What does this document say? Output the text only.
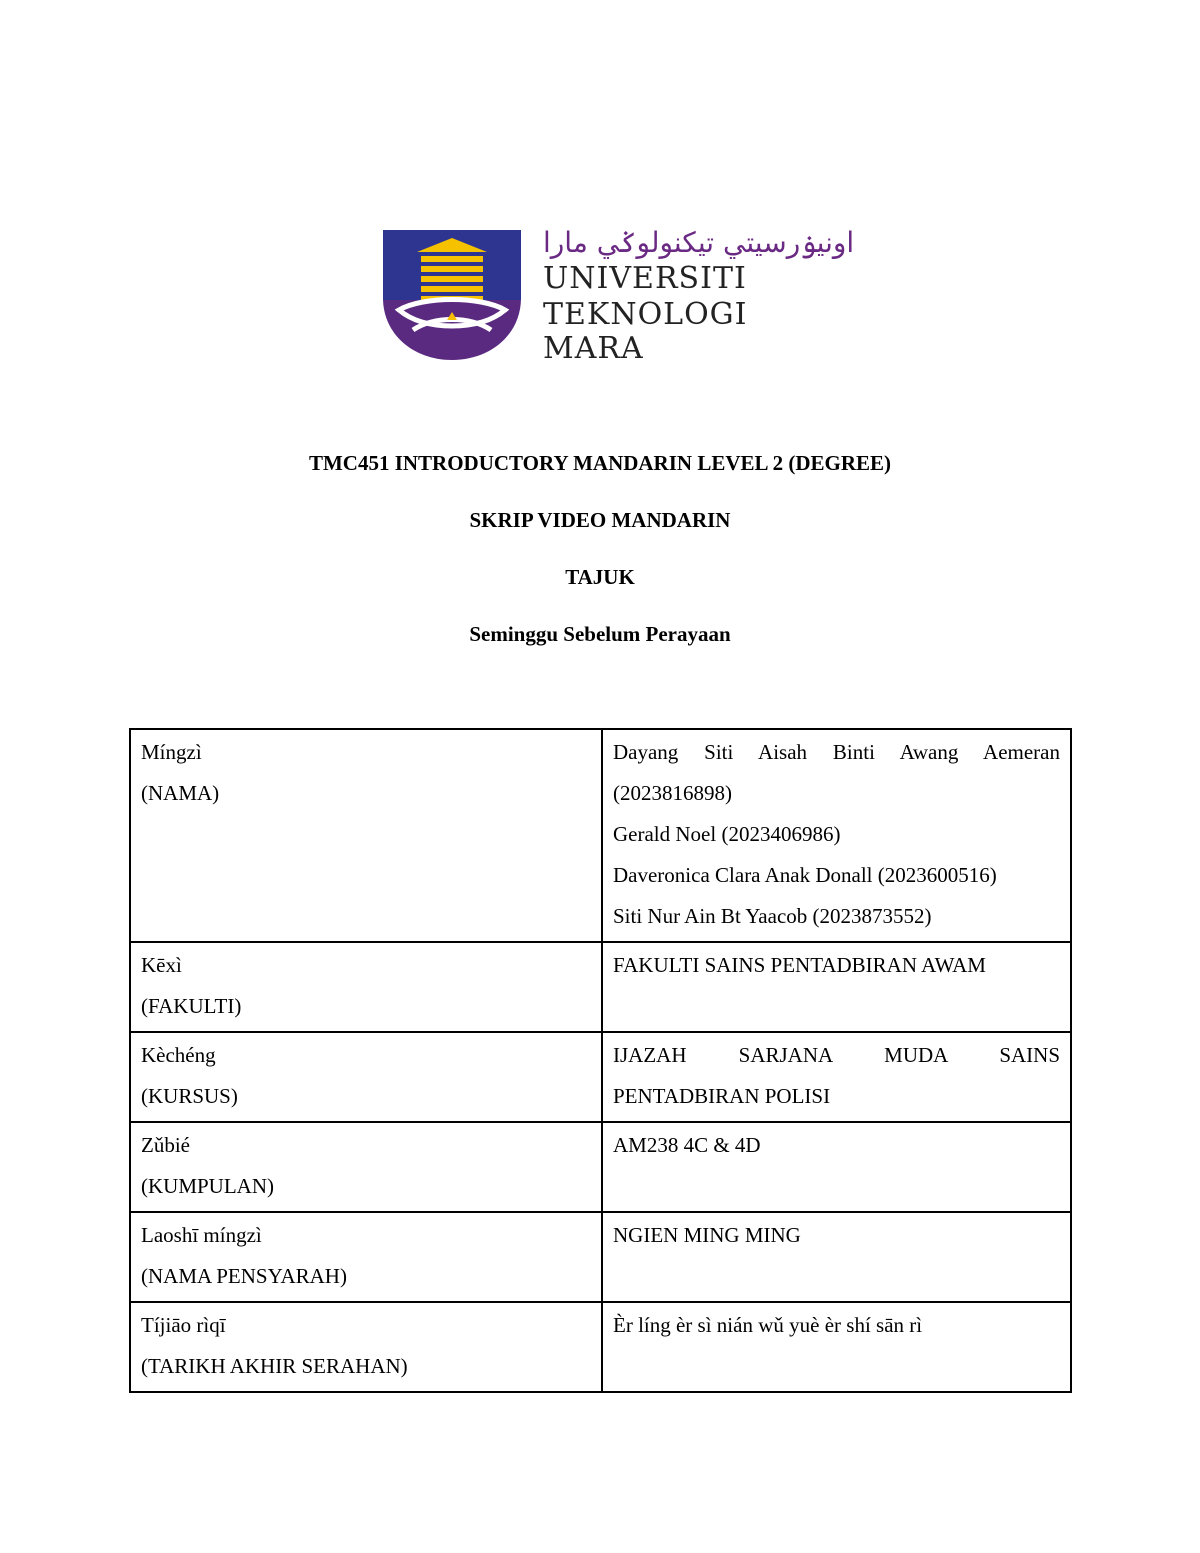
اونيۏرسيتي تيكنولوݢي مارا
UNIVERSITI
TEKNOLOGI
MARA
TMC451 INTRODUCTORY MANDARIN LEVEL 2 (DEGREE)
SKRIP VIDEO MANDARIN
TAJUK
Seminggu Sebelum Perayaan
Míngzì
(NAMA)	Dayang Siti Aisah Binti Awang Aemeran
(2023816898)
Gerald Noel (2023406986)
Daveronica Clara Anak Donall (2023600516)
Siti Nur Ain Bt Yaacob (2023873552)

Kēxì
(FAKULTI)	FAKULTI SAINS PENTADBIRAN AWAM

Kèchéng
(KURSUS)	IJAZAH SARJANA MUDA SAINS
PENTADBIRAN POLISI

Zǔbié
(KUMPULAN)	AM238 4C & 4D

Laoshī míngzì
(NAMA PENSYARAH)	NGIEN MING MING

Tíjiāo rìqī
(TARIKH AKHIR SERAHAN)	Èr líng èr sì nián wǔ yuè èr shí sān rì
